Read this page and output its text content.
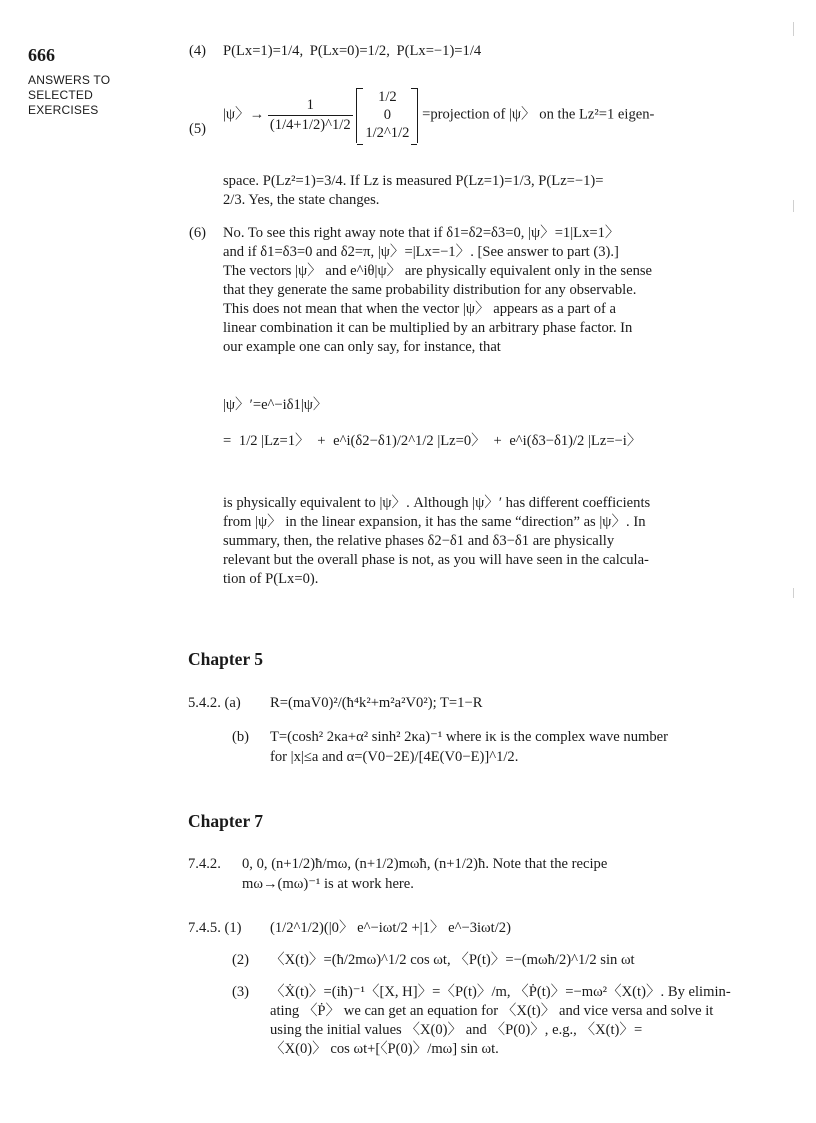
666
ANSWERS TO
SELECTED
EXERCISES
(4) P(Lx=1)=1/4, P(Lx=0)=1/2, P(Lx=−1)=1/4
(5)
|ψ〉→ $\frac{1}{(1/4+1/2)\^{}1/2}$
	1/2
0
1/2^1/2
=projection of |ψ〉 on the Lz²=1 eigen-
space. P(Lz²=1)=3/4. If Lz is measured P(Lz=1)=1/3, P(Lz=−1)=
2/3. Yes, the state changes.
(6) No. To see this right away note that if δ1=δ2=δ3=0, |ψ〉=1|Lx=1〉
and if δ1=δ3=0 and δ2=π, |ψ〉=|Lx=−1〉. [See answer to part (3).]
The vectors |ψ〉 and e^iθ|ψ〉 are physically equivalent only in the sense
that they generate the same probability distribution for any observable.
This does not mean that when the vector |ψ〉 appears as a part of a
linear combination it can be multiplied by an arbitrary phase factor. In
our example one can only say, for instance, that
|ψ〉′=e^−iδ1|ψ〉
= 1/2 |Lz=1〉 + e^i(δ2−δ1)/2^1/2 |Lz=0〉 + e^i(δ3−δ1)/2 |Lz=−i〉
is physically equivalent to |ψ〉. Although |ψ〉′ has different coefficients
from |ψ〉 in the linear expansion, it has the same “direction” as |ψ〉. In
summary, then, the relative phases δ2−δ1 and δ3−δ1 are physically
relevant but the overall phase is not, as you will have seen in the calcula-
tion of P(Lx=0).
Chapter 5
5.4.2. (a) R=(maV0)²/(ħ⁴k²+m²a²V0²); T=1−R
(b) T=(cosh² 2κa+α² sinh² 2κa)⁻¹ where iκ is the complex wave number
for |x|≤a and α=(V0−2E)/[4E(V0−E)]^1/2.
Chapter 7
7.4.2. 0, 0, (n+1/2)ħ/mω, (n+1/2)mωħ, (n+1/2)ħ. Note that the recipe
mω→(mω)⁻¹ is at work here.
7.4.5. (1) (1/2^1/2)(|0〉 e^−iωt/2 +|1〉 e^−3iωt/2)
(2) 〈X(t)〉=(ħ/2mω)^1/2 cos ωt, 〈P(t)〉=−(mωħ/2)^1/2 sin ωt
(3) 〈Ẋ(t)〉=(iħ)⁻¹〈[X, H]〉=〈P(t)〉/m, 〈Ṗ(t)〉=−mω²〈X(t)〉. By elimin-
ating 〈Ṗ〉 we can get an equation for 〈X(t)〉 and vice versa and solve it
using the initial values 〈X(0)〉 and 〈P(0)〉, e.g., 〈X(t)〉=
〈X(0)〉 cos ωt+[〈P(0)〉/mω] sin ωt.
